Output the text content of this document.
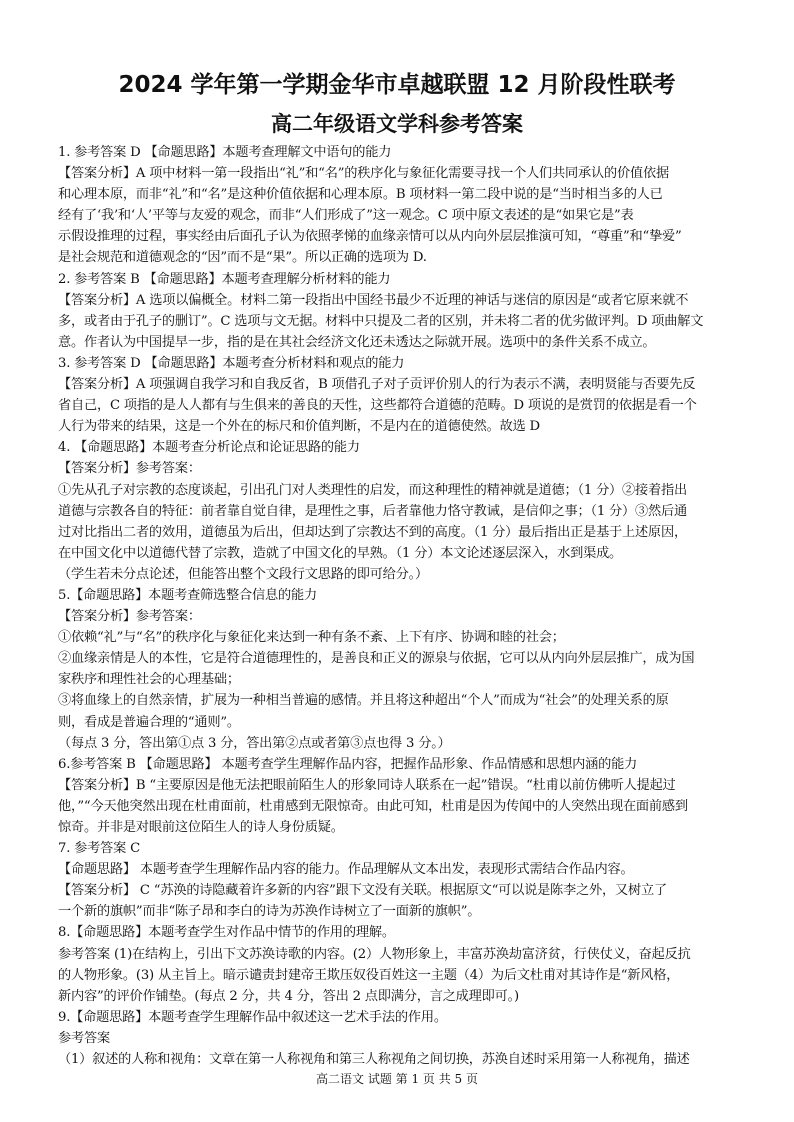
2024 学年第一学期金华市卓越联盟 12 月阶段性联考
高二年级语文学科参考答案
1. 参考答案 D 【命题思路】本题考查理解文中语句的能力
【答案分析】A 项中材料一第一段指出“礼”和“名”的秩序化与象征化需要寻找一个人们共同承认的价值依据
和心理本原，而非“礼”和“名”是这种价值依据和心理本原。B 项材料一第二段中说的是“当时相当多的人已
经有了‘我’和‘人’平等与友爱的观念，而非“人们形成了”这一观念。C 项中原文表述的是“如果它是”表
示假设推理的过程，事实经由后面孔子认为依照孝悌的血缘亲情可以从内向外层层推演可知，“尊重”和“挚爱”
是社会规范和道德观念的“因”而不是“果”。所以正确的选项为 D.
2. 参考答案 B 【命题思路】本题考查理解分析材料的能力
【答案分析】A 选项以偏概全。材料二第一段指出中国经书最少不近理的神话与迷信的原因是“或者它原来就不
多，或者由于孔子的删订”。C 选项与文无据。材料中只提及二者的区别，并未将二者的优劣做评判。D 项曲解文
意。作者认为中国提早一步，指的是在其社会经济文化还未透达之际就开展。选项中的条件关系不成立。
3. 参考答案 D 【命题思路】本题考查分析材料和观点的能力
【答案分析】A 项强调自我学习和自我反省，B 项借孔子对子贡评价别人的行为表示不满，表明贤能与否要先反
省自己，C 项指的是人人都有与生俱来的善良的天性，这些都符合道德的范畴。D 项说的是赏罚的依据是看一个
人行为带来的结果，这是一个外在的标尺和价值判断，不是内在的道德使然。故选 D
4. 【命题思路】本题考查分析论点和论证思路的能力
【答案分析】参考答案：
①先从孔子对宗教的态度谈起，引出孔门对人类理性的启发，而这种理性的精神就是道德；（1 分）②接着指出
道德与宗教各自的特征：前者靠自觉自律，是理性之事，后者靠他力恪守教诫，是信仰之事；（1 分）③然后通
过对比指出二者的效用，道德虽为后出，但却达到了宗教达不到的高度。（1 分）最后指出正是基于上述原因，
在中国文化中以道德代替了宗教，造就了中国文化的早熟。（1 分）本文论述逐层深入，水到渠成。
（学生若未分点论述，但能答出整个文段行文思路的即可给分。）
5.【命题思路】本题考查筛选整合信息的能力
【答案分析】参考答案：
①依赖“礼”与“名”的秩序化与象征化来达到一种有条不紊、上下有序、协调和睦的社会；
②血缘亲情是人的本性，它是符合道德理性的，是善良和正义的源泉与依据，它可以从内向外层层推广，成为国
家秩序和理性社会的心理基础；
③将血缘上的自然亲情，扩展为一种相当普遍的感情。并且将这种超出“个人”而成为“社会”的处理关系的原
则，看成是普遍合理的“通则”。
（每点 3 分，答出第①点 3 分，答出第②点或者第③点也得 3 分。）
6.参考答案 B 【命题思路】 本题考查学生理解作品内容，把握作品形象、作品情感和思想内涵的能力
【答案分析】B “主要原因是他无法把眼前陌生人的形象同诗人联系在一起”错误。“杜甫以前仿佛听人提起过
他，”“今天他突然出现在杜甫面前，杜甫感到无限惊奇。由此可知，杜甫是因为传闻中的人突然出现在面前感到
惊奇。并非是对眼前这位陌生人的诗人身份质疑。
7. 参考答案 C
【命题思路】 本题考查学生理解作品内容的能力。作品理解从文本出发，表现形式需结合作品内容。
【答案分析】 C “苏涣的诗隐藏着许多新的内容”跟下文没有关联。根据原文“可以说是陈李之外，又树立了
一个新的旗帜”而非“陈子昂和李白的诗为苏涣作诗树立了一面新的旗帜”。
8.【命题思路】本题考查学生对作品中情节的作用的理解。
参考答案 (1)在结构上，引出下文苏涣诗歌的内容。(2）人物形象上，丰富苏涣劫富济贫，行侠仗义，奋起反抗
的人物形象。(3) 从主旨上。暗示谴责封建帝王欺压奴役百姓这一主题（4）为后文杜甫对其诗作是“新风格，
新内容”的评价作铺垫。(每点 2 分，共 4 分，答出 2 点即满分，言之成理即可。)
9.【命题思路】本题考查学生理解作品中叙述这一艺术手法的作用。
参考答案
（1）叙述的人称和视角：文章在第一人称视角和第三人称视角之间切换，苏涣自述时采用第一人称视角，描述
高二语文 试题 第 1 页 共 5 页
